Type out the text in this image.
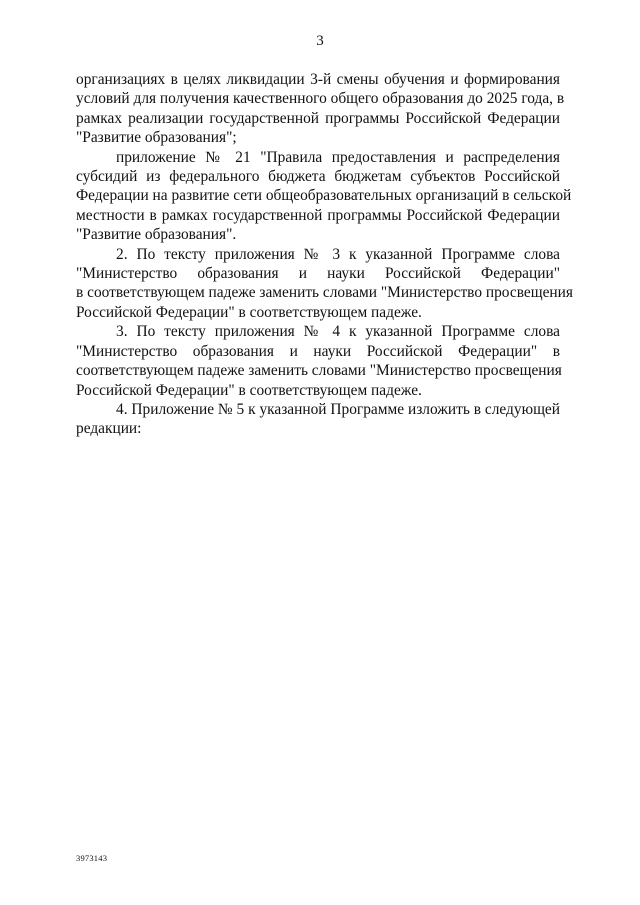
3

организациях в целях ликвидации 3-й смены обучения и формирования
условий для получения качественного общего образования до 2025 года, в
рамках реализации государственной программы Российской Федерации
"Развитие образования";

приложение № 21 "Правила предоставления и распределения
субсидий из федерального бюджета бюджетам субъектов Российской
Федерации на развитие сети общеобразовательных организаций в сельской
местности в рамках государственной программы Российской Федерации
"Развитие образования".

2. По тексту приложения № 3 к указанной Программе слова
"Министерство образования и науки Российской Федерации"
в соответствующем падеже заменить словами "Министерство просвещения
Российской Федерации" в соответствующем падеже.

3. По тексту приложения № 4 к указанной Программе слова
"Министерство образования и науки Российской Федерации" в
соответствующем падеже заменить словами "Министерство просвещения
Российской Федерации" в соответствующем падеже.

4. Приложение № 5 к указанной Программе изложить в следующей
редакции:

3973143
